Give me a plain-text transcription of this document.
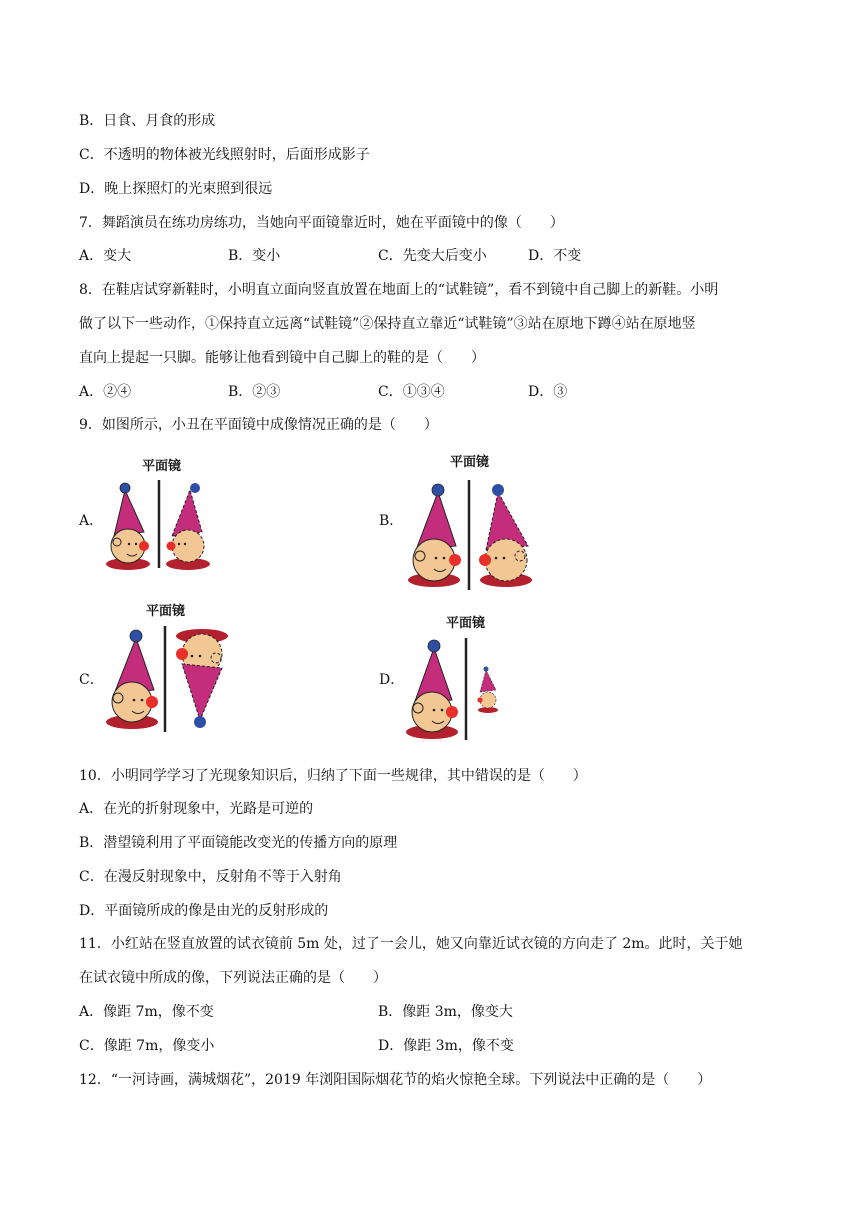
B．日食、月食的形成
C．不透明的物体被光线照射时，后面形成影子
D．晚上探照灯的光束照到很远
7．舞蹈演员在练功房练功，当她向平面镜靠近时，她在平面镜中的像（　　）
A．变大	B．变小	C．先变大后变小	D．不变
8．在鞋店试穿新鞋时，小明直立面向竖直放置在地面上的“试鞋镜”，看不到镜中自己脚上的新鞋。小明
做了以下一些动作，①保持直立远离“试鞋镜”②保持直立靠近“试鞋镜”③站在原地下蹲④站在原地竖
直向上提起一只脚。能够让他看到镜中自己脚上的鞋的是（　　）
A．②④	B．②③	C．①③④	D．③
9．如图所示，小丑在平面镜中成像情况正确的是（　　）
A．
平面镜
B．
平面镜
C．
平面镜
D．
平面镜
10．小明同学学习了光现象知识后，归纳了下面一些规律，其中错误的是（　　）
A．在光的折射现象中，光路是可逆的
B．潜望镜利用了平面镜能改变光的传播方向的原理
C．在漫反射现象中，反射角不等于入射角
D．平面镜所成的像是由光的反射形成的
11．小红站在竖直放置的试衣镜前 5m 处，过了一会儿，她又向靠近试衣镜的方向走了 2m。此时，关于她
在试衣镜中所成的像，下列说法正确的是（　　）
A．像距 7m，像不变	B．像距 3m，像变大
C．像距 7m，像变小	D．像距 3m，像不变
12．“一河诗画，满城烟花”，2019 年浏阳国际烟花节的焰火惊艳全球。下列说法中正确的是（　　）
